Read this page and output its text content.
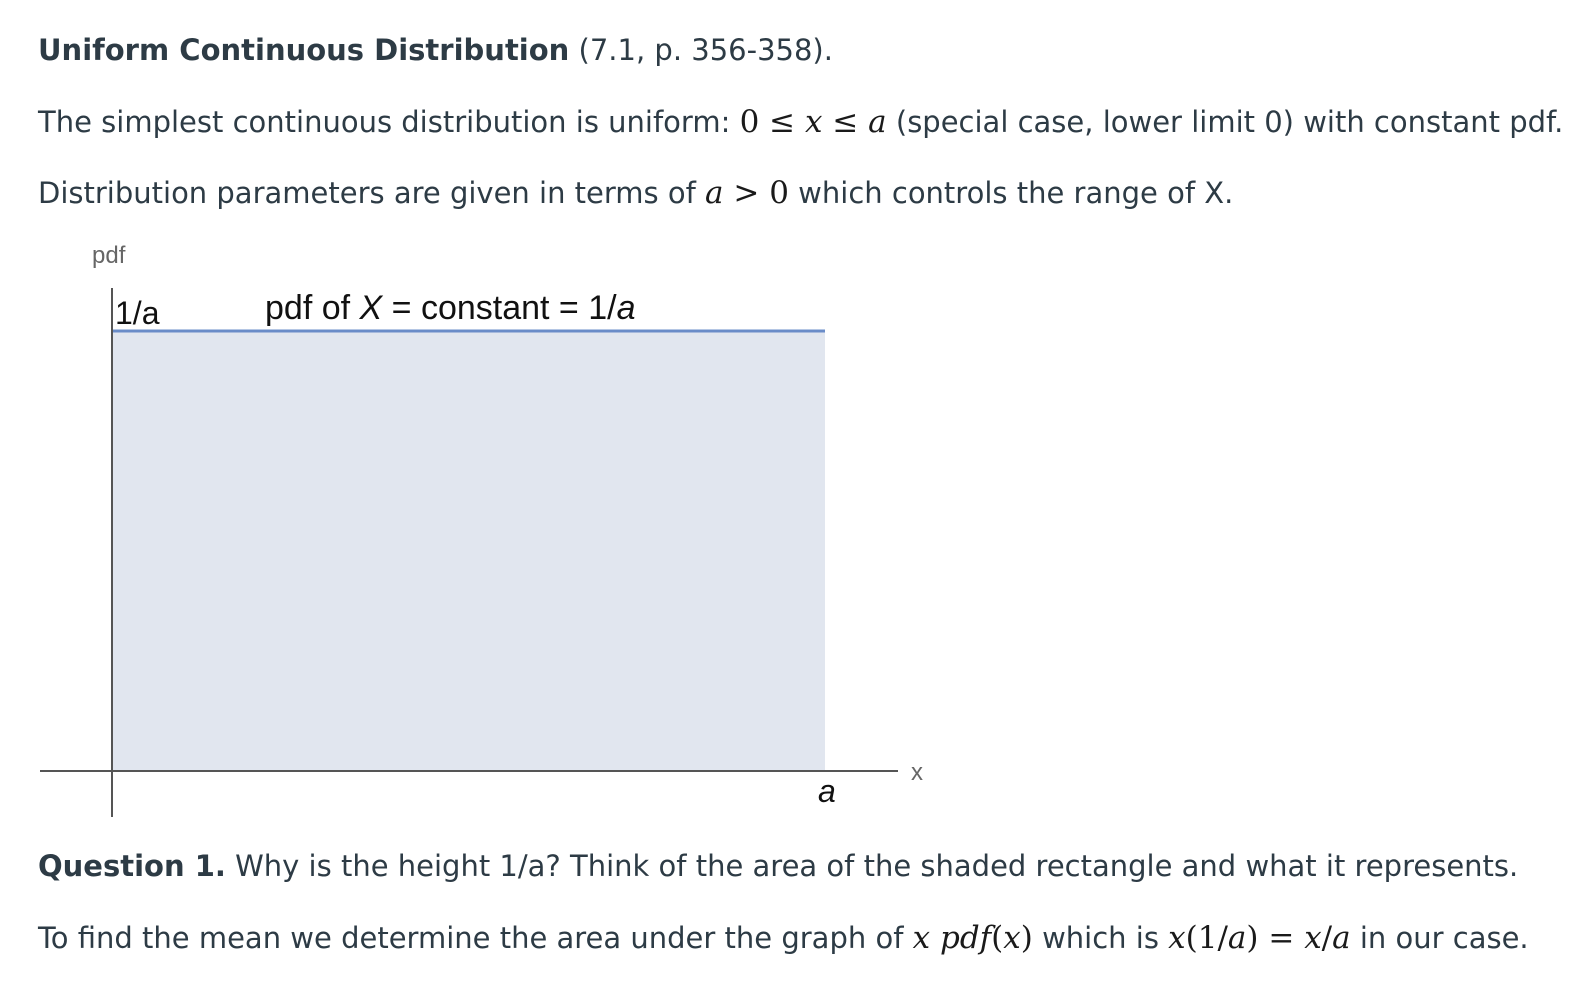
Uniform Continuous Distribution (7.1, p. 356-358).

The simplest continuous distribution is uniform: 0 ≤ x ≤ a (special case, lower limit 0) with constant pdf.

Distribution parameters are given in terms of a > 0 which controls the range of X.

pdf
x
1/a	pdf of X = constant = 1/a
a

Question 1. Why is the height 1/a? Think of the area of the shaded rectangle and what it represents.

To find the mean we determine the area under the graph of x pdf(x) which is x(1/a) = x/a in our case.
